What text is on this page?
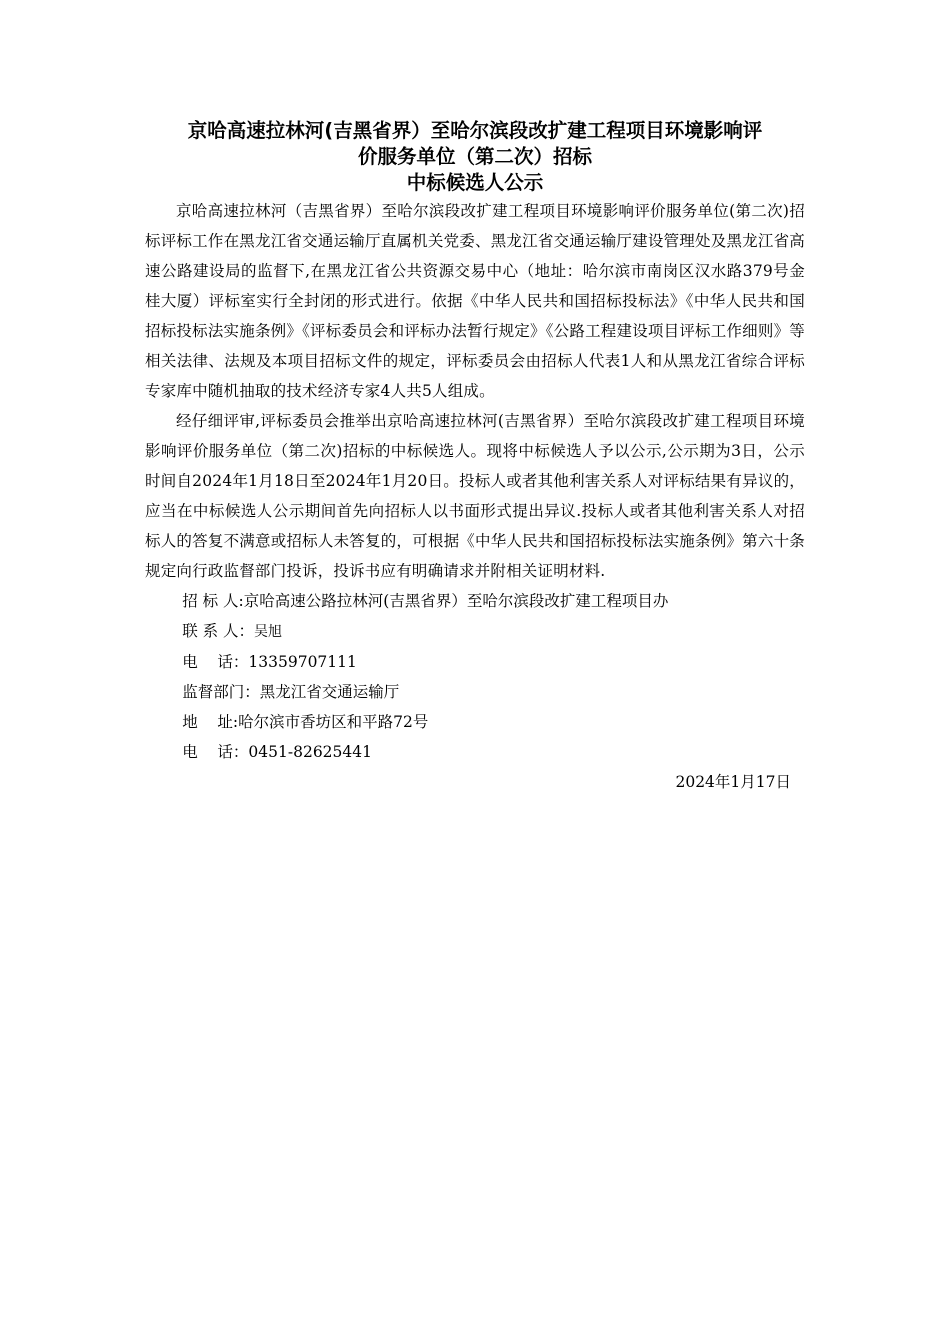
京哈高速拉林河(吉黑省界）至哈尔滨段改扩建工程项目环境影响评
价服务单位（第二次）招标
中标候选人公示

京哈高速拉林河（吉黑省界）至哈尔滨段改扩建工程项目环境影响评价服务单位(第二次)招标评标工作在黑龙江省交通运输厅直属机关党委、黑龙江省交通运输厅建设管理处及黑龙江省高速公路建设局的监督下,在黑龙江省公共资源交易中心（地址：哈尔滨市南岗区汉水路379号金桂大厦）评标室实行全封闭的形式进行。依据《中华人民共和国招标投标法》《中华人民共和国招标投标法实施条例》《评标委员会和评标办法暂行规定》《公路工程建设项目评标工作细则》等相关法律、法规及本项目招标文件的规定，评标委员会由招标人代表1人和从黑龙江省综合评标专家库中随机抽取的技术经济专家4人共5人组成。

经仔细评审,评标委员会推举出京哈高速拉林河(吉黑省界）至哈尔滨段改扩建工程项目环境影响评价服务单位（第二次)招标的中标候选人。现将中标候选人予以公示,公示期为3日，公示时间自2024年1月18日至2024年1月20日。投标人或者其他利害关系人对评标结果有异议的，应当在中标候选人公示期间首先向招标人以书面形式提出异议.投标人或者其他利害关系人对招标人的答复不满意或招标人未答复的，可根据《中华人民共和国招标投标法实施条例》第六十条规定向行政监督部门投诉，投诉书应有明确请求并附相关证明材料.

招 标 人:京哈高速公路拉林河(吉黑省界）至哈尔滨段改扩建工程项目办

联 系 人：吴旭

电    话：13359707111

监督部门：黑龙江省交通运输厅

地    址:哈尔滨市香坊区和平路72号

电    话：0451-82625441

2024年1月17日
